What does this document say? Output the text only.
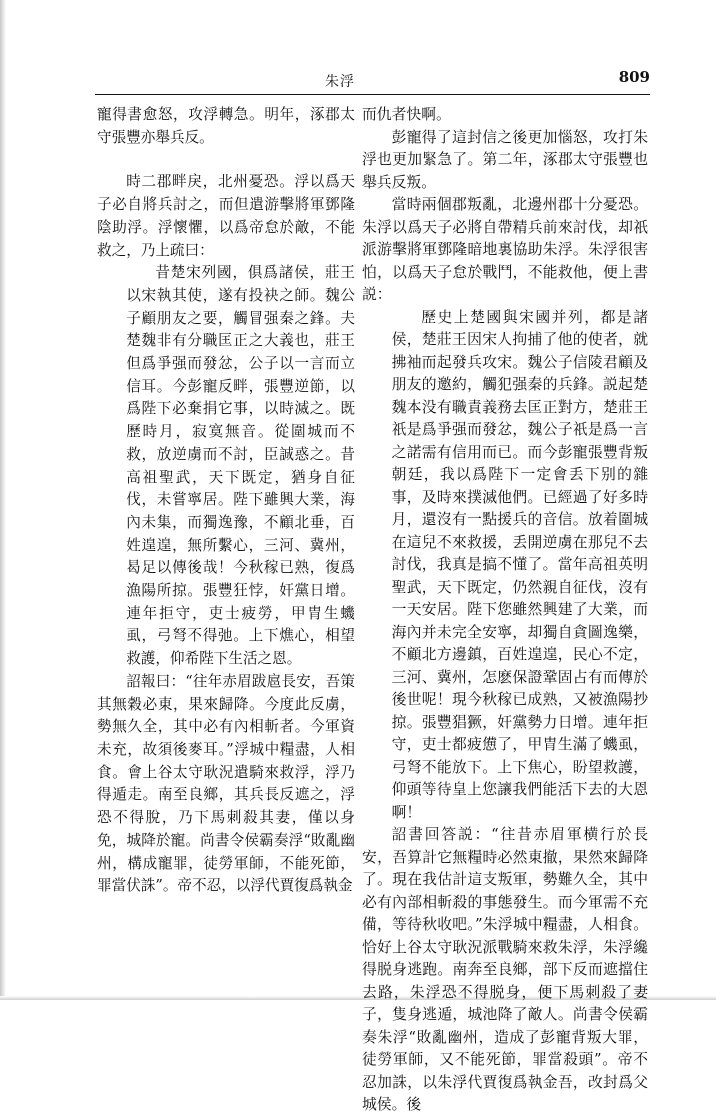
朱浮	809

寵得書愈怒，攻浮轉急。明年，涿郡太守張豐亦舉兵反。

時二郡畔戾，北州憂恐。浮以爲天子必自將兵討之，而但遣游擊將軍鄧隆陰助浮。浮懷懼，以爲帝怠於敵，不能救之，乃上疏曰：

昔楚宋列國，俱爲諸侯，莊王以宋執其使，遂有投袂之師。魏公子顧朋友之要，觸冒强秦之鋒。夫楚魏非有分職匡正之大義也，莊王但爲爭强而發忿，公子以一言而立信耳。今彭寵反畔，張豐逆節，以爲陛下必棄捐它事，以時滅之。既歷時月，寂寞無音。從圍城而不救，放逆虜而不討，臣誠惑之。昔高祖聖武，天下既定，猶身自征伐，未嘗寧居。陛下雖興大業，海內未集，而獨逸豫，不顧北垂，百姓遑遑，無所繫心，三河、冀州，曷足以傳後哉！今秋稼已熟，復爲漁陽所掠。張豐狂悖，奸黨日增。連年拒守，吏士疲勞，甲胄生蟣虱，弓弩不得弛。上下燋心，相望救護，仰希陛下生活之恩。

詔報曰：“往年赤眉跋扈長安，吾策其無穀必東，果來歸降。今度此反虜，勢無久全，其中必有內相斬者。今軍資未充，故須後麥耳。”浮城中糧盡，人相食。會上谷太守耿況遣騎來救浮，浮乃得遁走。南至良鄉，其兵長反遮之，浮恐不得脫，乃下馬刺殺其妻，僅以身免，城降於寵。尚書令侯霸奏浮“敗亂幽州，構成寵罪，徒勞軍師，不能死節，罪當伏誅”。帝不忍，以浮代賈復爲執金

而仇者快啊。

彭寵得了這封信之後更加惱怒，攻打朱浮也更加緊急了。第二年，涿郡太守張豐也舉兵反叛。

當時兩個郡叛亂，北邊州郡十分憂恐。朱浮以爲天子必將自帶精兵前來討伐，却祇派游擊將軍鄧隆暗地裏協助朱浮。朱浮很害怕，以爲天子怠於戰鬥，不能救他，便上書説：

歷史上楚國與宋國并列，都是諸侯，楚莊王因宋人拘捕了他的使者，就拂袖而起發兵攻宋。魏公子信陵君顧及朋友的邀約，觸犯强秦的兵鋒。説起楚魏本没有職責義務去匡正對方，楚莊王祇是爲爭强而發忿，魏公子祇是爲一言之諾需有信用而已。而今彭寵張豐背叛朝廷，我以爲陛下一定會丢下别的雜事，及時來撲滅他們。已經過了好多時月，還沒有一點援兵的音信。放着圍城在這兒不來救援，丢開逆虜在那兒不去討伐，我真是搞不懂了。當年高祖英明聖武，天下既定，仍然親自征伐，沒有一天安居。陛下您雖然興建了大業，而海內并未完全安寧，却獨自貪圖逸樂，不顧北方邊鎮，百姓遑遑，民心不定，三河、冀州，怎麽保證鞏固占有而傳於後世呢！現今秋稼已成熟，又被漁陽抄掠。張豐猖獗，奸黨勢力日增。連年拒守，吏士都疲憊了，甲胄生滿了蟣虱，弓弩不能放下。上下焦心，盼望救護，仰頭等待皇上您讓我們能活下去的大恩啊！

詔書回答説：“往昔赤眉軍横行於長安，吾算計它無糧時必然東撤，果然來歸降了。現在我估計這支叛軍，勢難久全，其中必有內部相斬殺的事態發生。而今軍需不充備，等待秋收吧。”朱浮城中糧盡，人相食。恰好上谷太守耿況派戰騎來救朱浮，朱浮纔得脱身逃跑。南奔至良鄉，部下反而遮擋住去路，朱浮恐不得脱身，便下馬刺殺了妻子，隻身逃遁，城池降了敵人。尚書令侯霸奏朱浮“敗亂幽州，造成了彭寵背叛大罪，徒勞軍師，又不能死節，罪當殺頭”。帝不忍加誅，以朱浮代賈復爲執金吾，改封爲父城侯。後
